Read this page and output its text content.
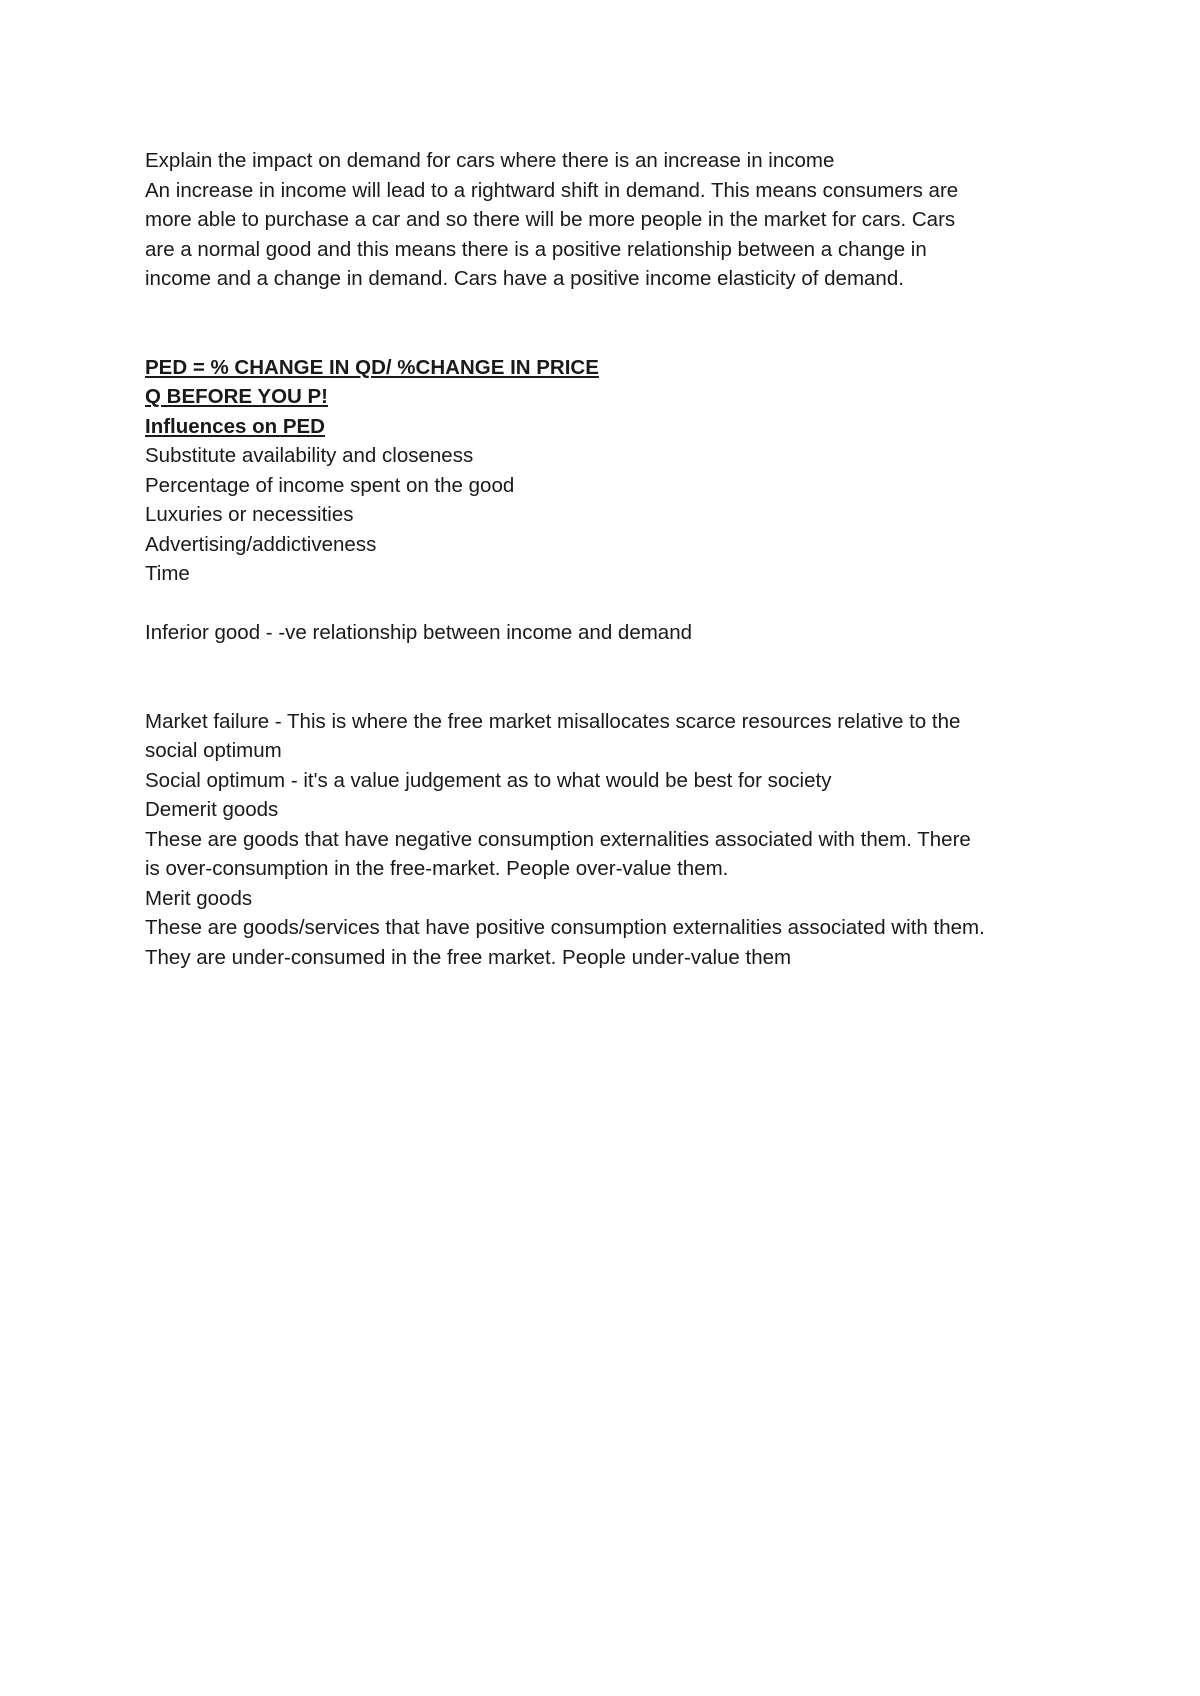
Explain the impact on demand for cars where there is an increase in income
An increase in income will lead to a rightward shift in demand. This means consumers are
more able to purchase a car and so there will be more people in the market for cars. Cars
are a normal good and this means there is a positive relationship between a change in
income and a change in demand. Cars have a positive income elasticity of demand.
PED = % CHANGE IN QD/ %CHANGE IN PRICE
Q BEFORE YOU P!
Influences on PED
Substitute availability and closeness
Percentage of income spent on the good
Luxuries or necessities
Advertising/addictiveness
Time
Inferior good - -ve relationship between income and demand
Market failure - This is where the free market misallocates scarce resources relative to the
social optimum
Social optimum - it's a value judgement as to what would be best for society
Demerit goods
These are goods that have negative consumption externalities associated with them. There
is over-consumption in the free-market. People over-value them.
Merit goods
These are goods/services that have positive consumption externalities associated with them.
They are under-consumed in the free market. People under-value them
